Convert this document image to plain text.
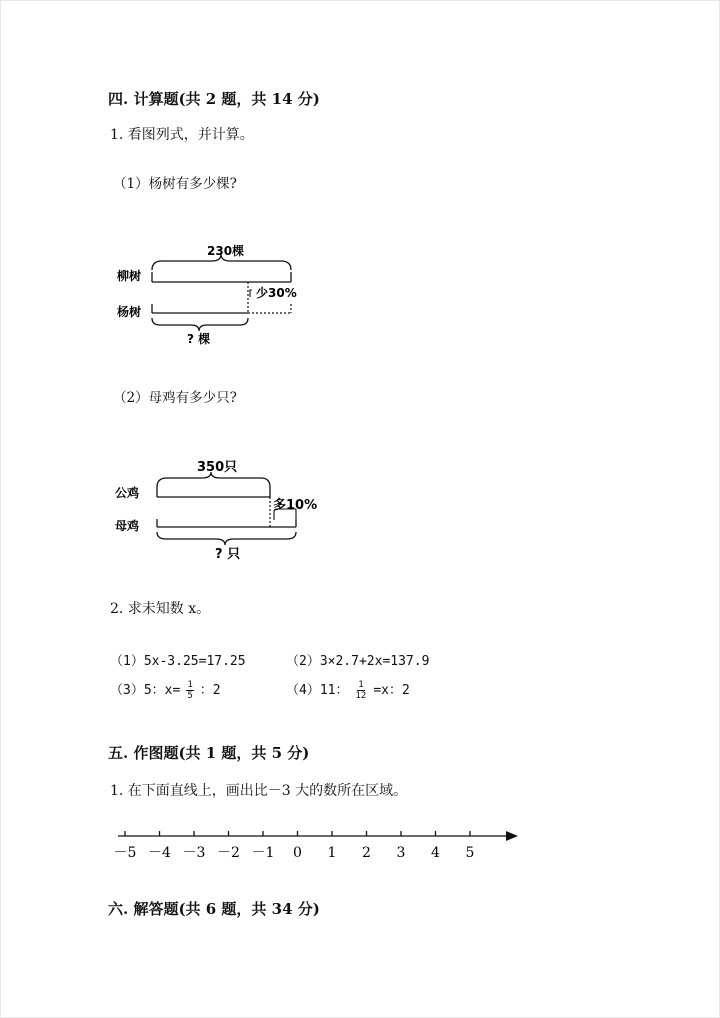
四. 计算题(共 2 题，共 14 分)
1. 看图列式，并计算。
（1）杨树有多少棵?
230棵
柳树
少30%
杨树
? 棵
350只
公鸡
多10%
母鸡
? 只
－5 －4 －3 －2 －1 0 1 2 3 4 5
（2）母鸡有多少只?
2. 求未知数 x。
（1）5x-3.25=17.25	（2）3×2.7+2x=137.9
（3）5：$x= \frac{1}{5}$ ：2	（4）11： $\frac{1}{12} =x$：2
五. 作图题(共 1 题，共 5 分)
1. 在下面直线上，画出比－3 大的数所在区域。
六. 解答题(共 6 题，共 34 分)
